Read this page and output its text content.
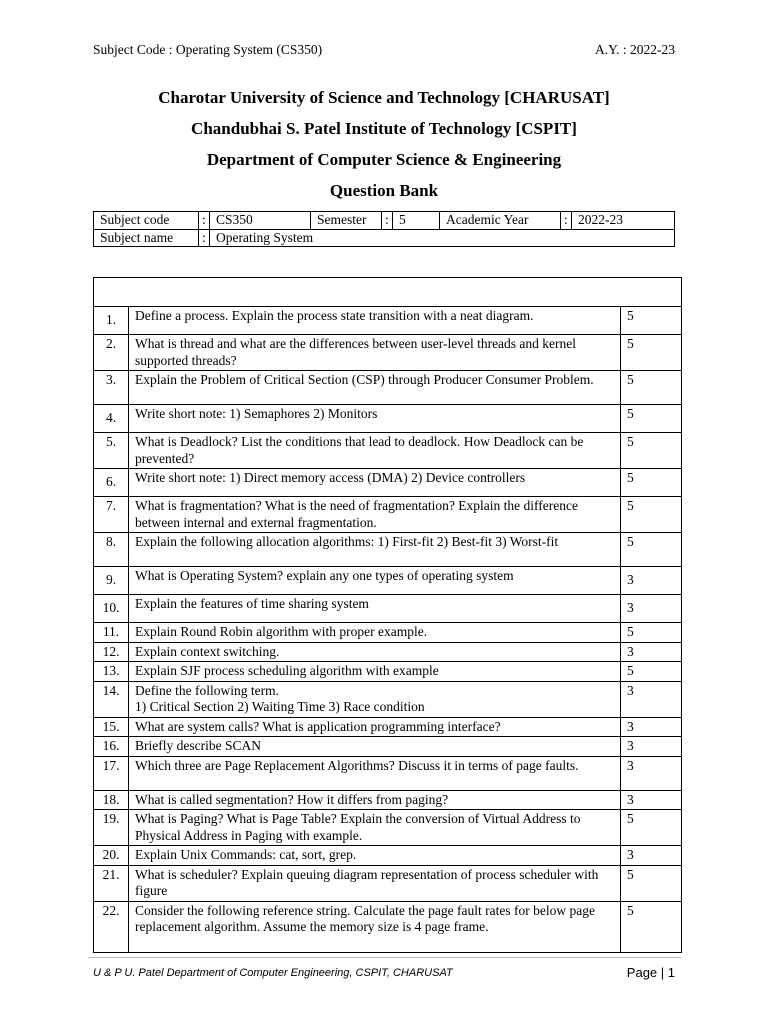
Subject Code : Operating System (CS350)	A.Y. : 2022-23
Charotar University of Science and Technology [CHARUSAT]
Chandubhai S. Patel Institute of Technology [CSPIT]
Department of Computer Science & Engineering
Question Bank
Subject code	:	CS350	Semester	:	5	Academic Year	:	2022-23
Subject name	:	Operating System						

1.	Define a process. Explain the process state transition with a neat diagram.	5
2.	What is thread and what are the differences between user-level threads and kernel supported threads?	5
3.	Explain the Problem of Critical Section (CSP) through Producer Consumer Problem.	5
4.	Write short note: 1) Semaphores 2) Monitors	5
5.	What is Deadlock? List the conditions that lead to deadlock. How Deadlock can be prevented?	5
6.	Write short note: 1) Direct memory access (DMA) 2) Device controllers	5
7.	What is fragmentation? What is the need of fragmentation? Explain the difference between internal and external fragmentation.	5
8.	Explain the following allocation algorithms: 1) First-fit 2) Best-fit 3) Worst-fit	5
9.	What is Operating System? explain any one types of operating system	3
10.	Explain the features of time sharing system	3
11.	Explain Round Robin algorithm with proper example.	5
12.	Explain context switching.	3
13.	Explain SJF process scheduling algorithm with example	5
14.	Define the following term.
1) Critical Section 2) Waiting Time 3) Race condition	3
15.	What are system calls? What is application programming interface?	3
16.	Briefly describe SCAN	3
17.	Which three are Page Replacement Algorithms? Discuss it in terms of page faults.	3
18.	What is called segmentation? How it differs from paging?	3
19.	What is Paging? What is Page Table? Explain the conversion of Virtual Address to Physical Address in Paging with example.	5
20.	Explain Unix Commands: cat, sort, grep.	3
21.	What is scheduler? Explain queuing diagram representation of process scheduler with figure	5
22.	Consider the following reference string. Calculate the page fault rates for below page replacement algorithm. Assume the memory size is 4 page frame.	5
U & P U. Patel Department of Computer Engineering, CSPIT, CHARUSAT	Page | 1
